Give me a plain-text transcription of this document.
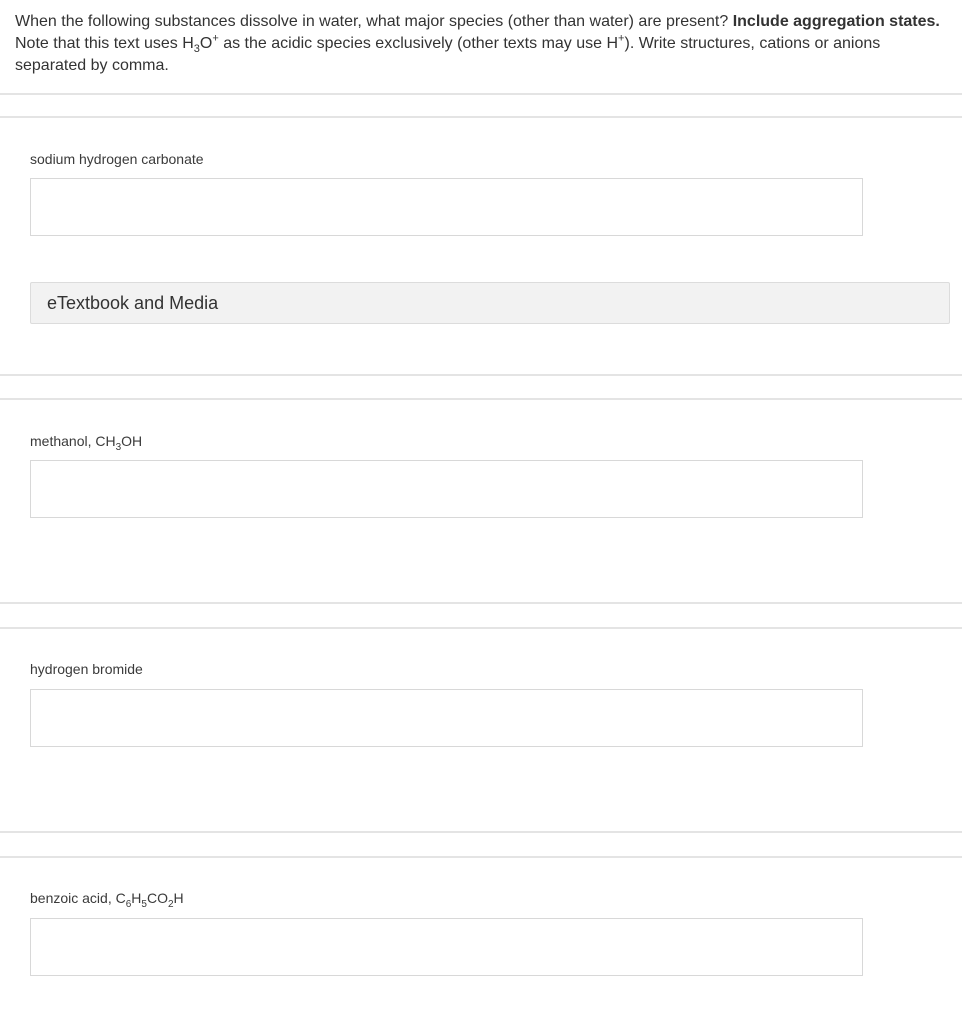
When the following substances dissolve in water, what major species (other than water) are present? Include aggregation states. Note that this text uses $H_3O^+$ as the acidic species exclusively (other texts may use H+). Write structures, cations or anions separated by comma.
sodium hydrogen carbonate
eTextbook and Media
methanol, $CH_3OH$
hydrogen bromide
benzoic acid, $C_6H_5CO_2H$
